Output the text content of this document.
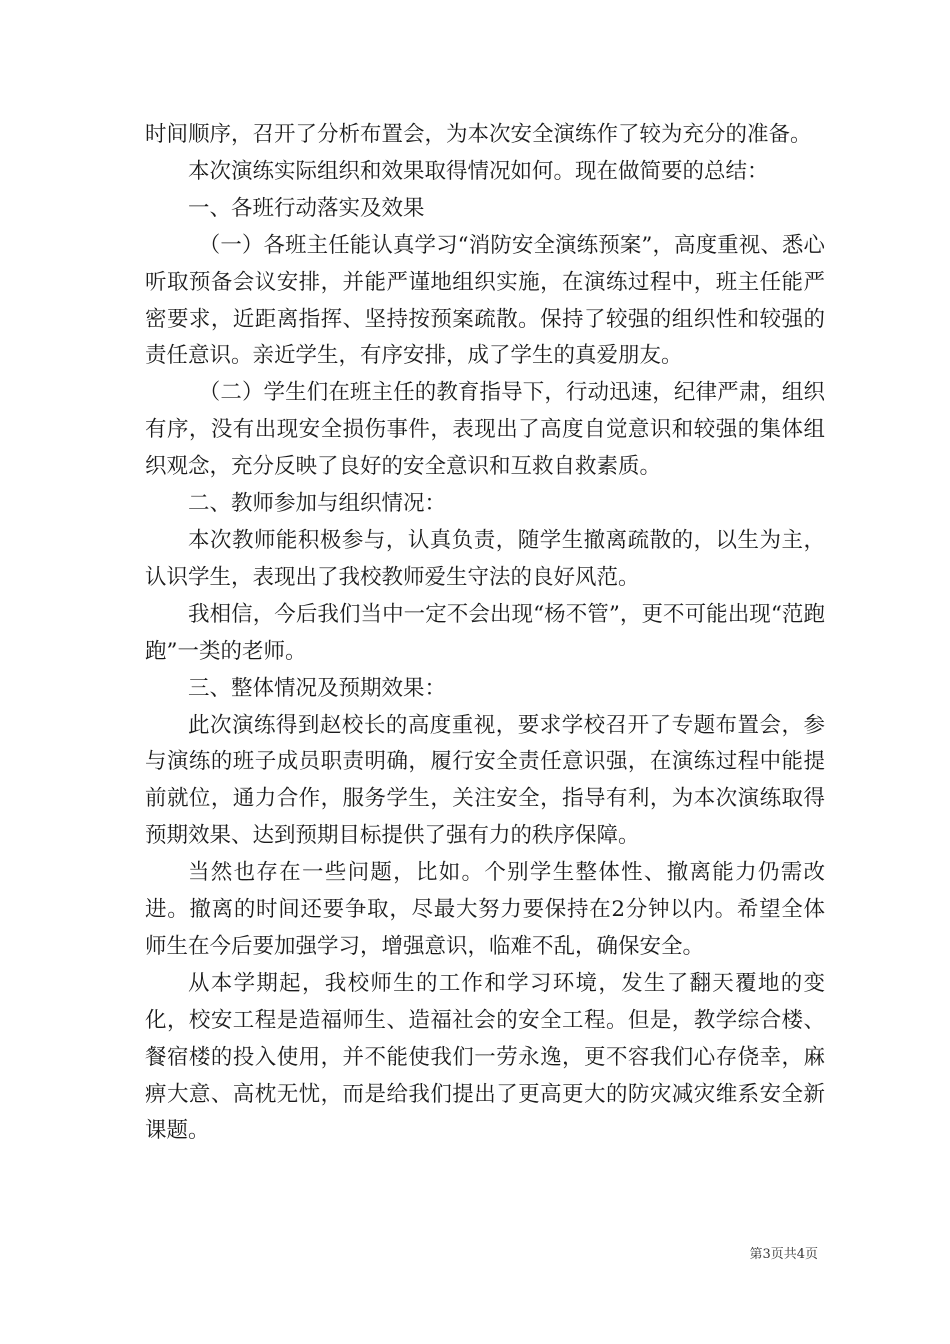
时间顺序，召开了分析布置会，为本次安全演练作了较为充分的准备。

本次演练实际组织和效果取得情况如何。现在做简要的总结：

一、各班行动落实及效果

（一）各班主任能认真学习“消防安全演练预案”，高度重视、悉心听取预备会议安排，并能严谨地组织实施，在演练过程中，班主任能严密要求，近距离指挥、坚持按预案疏散。保持了较强的组织性和较强的责任意识。亲近学生，有序安排，成了学生的真爱朋友。

（二）学生们在班主任的教育指导下，行动迅速，纪律严肃，组织有序，没有出现安全损伤事件，表现出了高度自觉意识和较强的集体组织观念，充分反映了良好的安全意识和互救自救素质。

二、教师参加与组织情况：

本次教师能积极参与，认真负责，随学生撤离疏散的，以生为主，认识学生，表现出了我校教师爱生守法的良好风范。

我相信，今后我们当中一定不会出现“杨不管”，更不可能出现“范跑跑”一类的老师。

三、整体情况及预期效果：

此次演练得到赵校长的高度重视，要求学校召开了专题布置会，参与演练的班子成员职责明确，履行安全责任意识强，在演练过程中能提前就位，通力合作，服务学生，关注安全，指导有利，为本次演练取得预期效果、达到预期目标提供了强有力的秩序保障。

当然也存在一些问题，比如。个别学生整体性、撤离能力仍需改进。撤离的时间还要争取，尽最大努力要保持在2分钟以内。希望全体师生在今后要加强学习，增强意识，临难不乱，确保安全。

从本学期起，我校师生的工作和学习环境，发生了翻天覆地的变化，校安工程是造福师生、造福社会的安全工程。但是，教学综合楼、餐宿楼的投入使用，并不能使我们一劳永逸，更不容我们心存侥幸，麻痹大意、高枕无忧，而是给我们提出了更高更大的防灾减灾维系安全新课题。

第3页共4页
